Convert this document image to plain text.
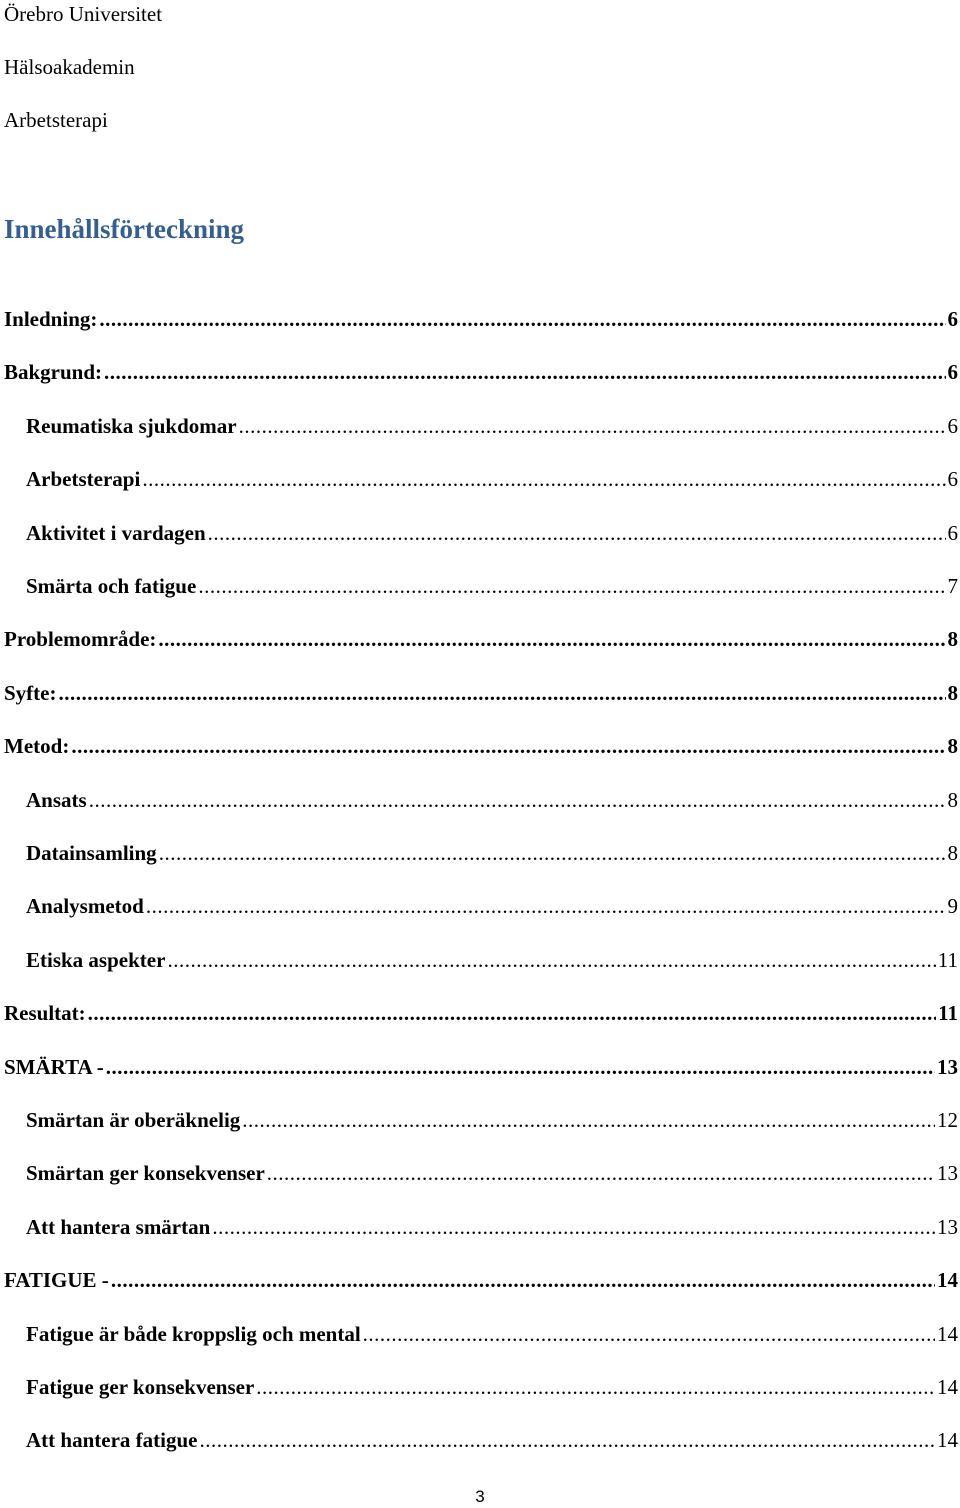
Örebro Universitet
Hälsoakademin
Arbetsterapi
Innehållsförteckning
Inledning: .....	6
Bakgrund: .....	6
Reumatiska sjukdomar .....	6
Arbetsterapi .....	6
Aktivitet i vardagen .....	6
Smärta och fatigue .....	7
Problemområde: .....	8
Syfte: .....	8
Metod: .....	8
Ansats .....	8
Datainsamling .....	8
Analysmetod .....	9
Etiska aspekter .....	11
Resultat: .....	11
SMÄRTA - .....	13
Smärtan är oberäknelig .....	12
Smärtan ger konsekvenser .....	13
Att hantera smärtan .....	13
FATIGUE - .....	14
Fatigue är både kroppslig och mental .....	14
Fatigue ger konsekvenser .....	14
Att hantera fatigue .....	14
3
